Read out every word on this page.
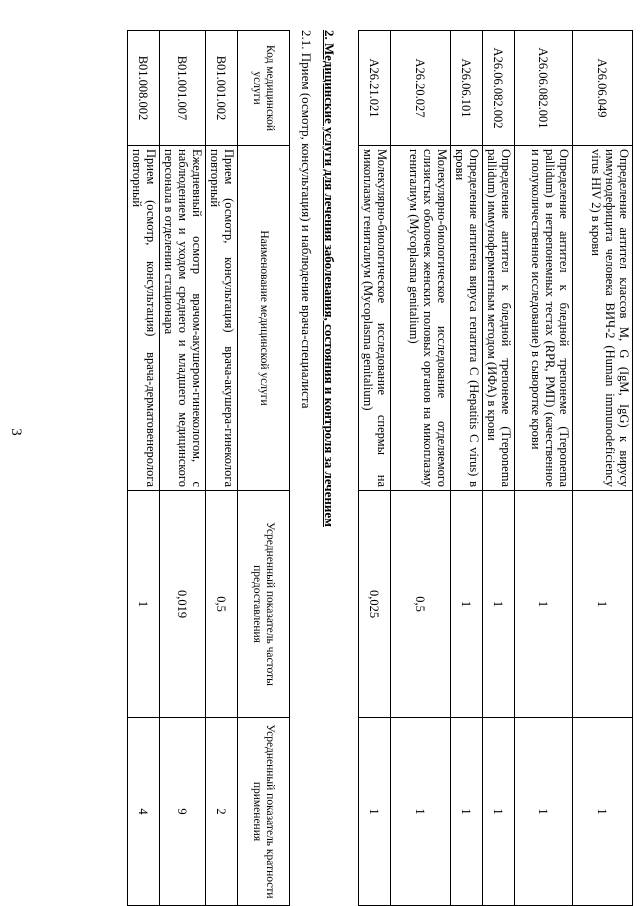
3
A26.06.049	Определение антител классов M, G (IgM, IgG) к вирусу иммунодефицита человека ВИЧ-2 (Human immunodeficiency virus HIV 2) в крови	1	1
A26.06.082.001	Определение антител к бледной трепонеме (Treponema pallidum) в нетрепонемных тестах (RPR, РМП) (качественное и полуколичественное исследование) в сыворотке крови	1	1
A26.06.082.002	Определение антител к бледной трепонеме (Treponema pallidum) иммуноферментным методом (ИФА) в крови	1	1
A26.06.101	Определение антигена вируса гепатита C (Hepatitis C virus) в крови	1	1
A26.20.027	Молекулярно-биологическое исследование отделяемого слизистых оболочек женских половых органов на микоплазму гениталиум (Mycoplasma genitalium)	0,5	1
A26.21.021	Молекулярно-биологическое исследование спермы на микоплазму гениталиум (Mycoplasma genitalium)	0,025	1
2. Медицинские услуги для лечения заболевания, состояния и контроля за лечением
2.1. Прием (осмотр, консультация) и наблюдение врача-специалиста
Код медицинской услуги	Наименование медицинской услуги	Усредненный показатель частоты предоставления	Усредненный показатель кратности применения
B01.001.002	Прием (осмотр, консультация) врача-акушера-гинеколога повторный	0,5	2
B01.001.007	Ежедневный осмотр врачом-акушером-гинекологом, с наблюдением и уходом среднего и младшего медицинского персонала в отделении стационара	0,019	9
B01.008.002	Прием (осмотр, консультация) врача-дерматовенеролога повторный	1	4
